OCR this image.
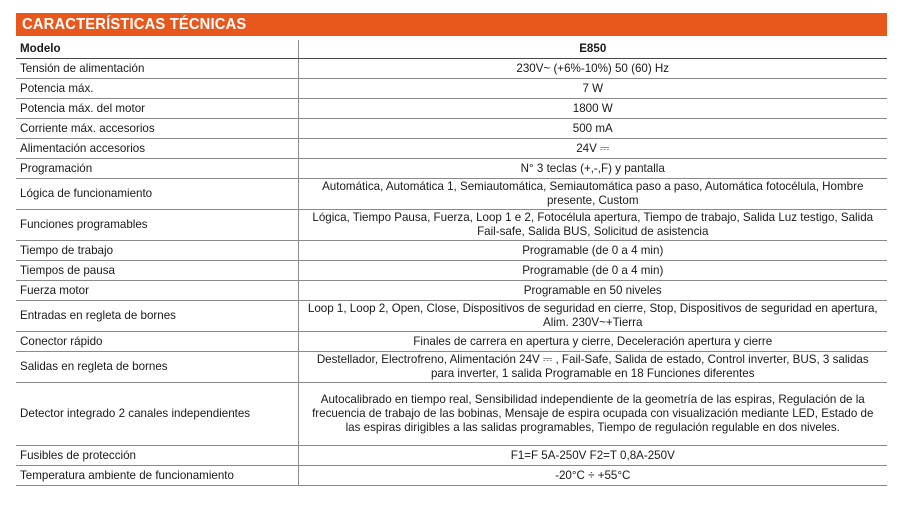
CARACTERÍSTICAS TÉCNICAS
Modelo	E850
Tensión de alimentación	230V~ (+6%-10%) 50 (60) Hz
Potencia máx.	7 W
Potencia máx. del motor	1800 W
Corriente máx. accesorios	500 mA
Alimentación accesorios	24V ⎓
Programación	N° 3 teclas (+,-,F) y pantalla
Lógica de funcionamiento	Automática, Automática 1, Semiautomática, Semiautomática paso a paso, Automática fotocélula, Hombre presente, Custom
Funciones programables	Lógica, Tiempo Pausa, Fuerza, Loop 1 e 2, Fotocélula apertura, Tiempo de trabajo, Salida Luz testigo, Salida Fail-safe, Salida BUS, Solicitud de asistencia
Tiempo de trabajo	Programable (de 0 a 4 min)
Tiempos de pausa	Programable (de 0 a 4 min)
Fuerza motor	Programable en 50 niveles
Entradas en regleta de bornes	Loop 1, Loop 2, Open, Close, Dispositivos de seguridad en cierre, Stop, Dispositivos de seguridad en apertura, Alim. 230V~+Tierra
Conector rápido	Finales de carrera en apertura y cierre, Deceleración apertura y cierre
Salidas en regleta de bornes	Destellador, Electrofreno, Alimentación 24V ⎓ , Fail-Safe, Salida de estado, Control inverter, BUS, 3 salidas para inverter, 1 salida Programable en 18 Funciones diferentes
Detector integrado 2 canales independientes	Autocalibrado en tiempo real, Sensibilidad independiente de la geometría de las espiras, Regulación de la frecuencia de trabajo de las bobinas, Mensaje de espira ocupada con visualización mediante LED, Estado de las espiras dirigibles a las salidas programables, Tiempo de regulación regulable en dos niveles.
Fusibles de protección	F1=F 5A-250V F2=T 0,8A-250V
Temperatura ambiente de funcionamiento	-20°C ÷ +55°C
